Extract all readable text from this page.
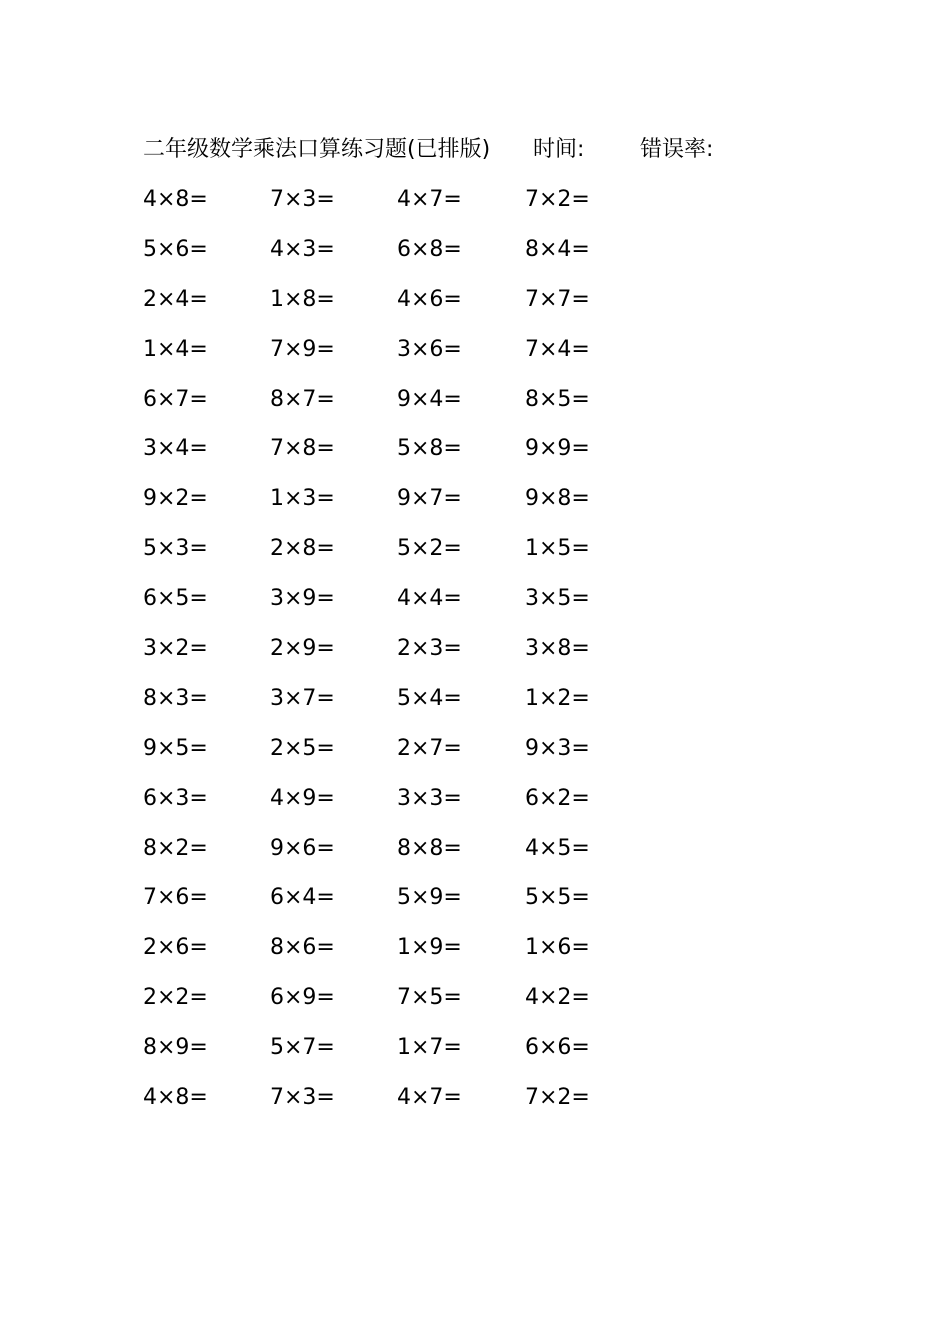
二年级数学乘法口算练习题(已排版) 时间:	错误率:
4×8=	7×3=	4×7=	7×2=
5×6=	4×3=	6×8=	8×4=
2×4=	1×8=	4×6=	7×7=
1×4=	7×9=	3×6=	7×4=
6×7=	8×7=	9×4=	8×5=
3×4=	7×8=	5×8=	9×9=
9×2=	1×3=	9×7=	9×8=
5×3=	2×8=	5×2=	1×5=
6×5=	3×9=	4×4=	3×5=
3×2=	2×9=	2×3=	3×8=
8×3=	3×7=	5×4=	1×2=
9×5=	2×5=	2×7=	9×3=
6×3=	4×9=	3×3=	6×2=
8×2=	9×6=	8×8=	4×5=
7×6=	6×4=	5×9=	5×5=
2×6=	8×6=	1×9=	1×6=
2×2=	6×9=	7×5=	4×2=
8×9=	5×7=	1×7=	6×6=
4×8=	7×3=	4×7=	7×2=
